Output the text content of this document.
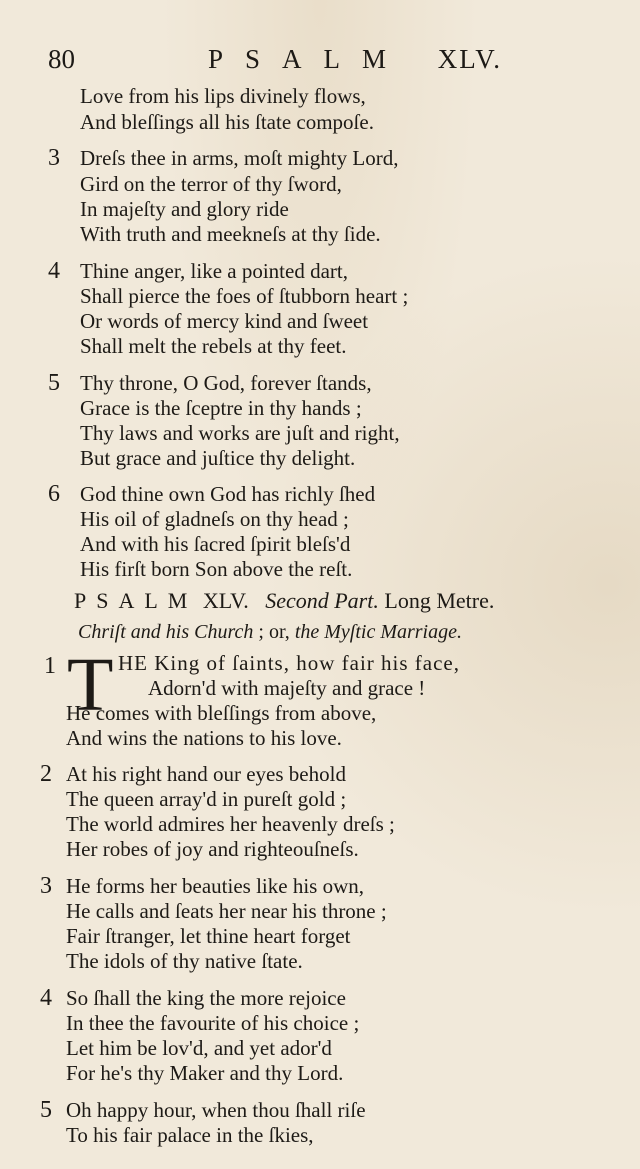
80	PSALM XLV.
Love from his lips divinely flows,
And bleſſings all his ſtate compoſe.
3 Dreſs thee in arms, moſt mighty Lord,
Gird on the terror of thy ſword,
In majeſty and glory ride
With truth and meekneſs at thy ſide.
4 Thine anger, like a pointed dart,
Shall pierce the foes of ſtubborn heart ;
Or words of mercy kind and ſweet
Shall melt the rebels at thy feet.
5 Thy throne, O God, forever ſtands,
Grace is the ſceptre in thy hands ;
Thy laws and works are juſt and right,
But grace and juſtice thy delight.
6 God thine own God has richly ſhed
His oil of gladneſs on thy head ;
And with his ſacred ſpirit bleſs'd
His firſt born Son above the reſt.
PSALM XLV. Second Part. Long Metre.
Chriſt and his Church ; or, the Myſtic Marriage.
1 T HE King of ſaints, how fair his face,
Adorn'd with majeſty and grace !
He comes with bleſſings from above,
And wins the nations to his love.
2 At his right hand our eyes behold
The queen array'd in pureſt gold ;
The world admires her heavenly dreſs ;
Her robes of joy and righteouſneſs.
3 He forms her beauties like his own,
He calls and ſeats her near his throne ;
Fair ſtranger, let thine heart forget
The idols of thy native ſtate.
4 So ſhall the king the more rejoice
In thee the favourite of his choice ;
Let him be lov'd, and yet ador'd
For he's thy Maker and thy Lord.
5 Oh happy hour, when thou ſhall riſe
To his fair palace in the ſkies,
